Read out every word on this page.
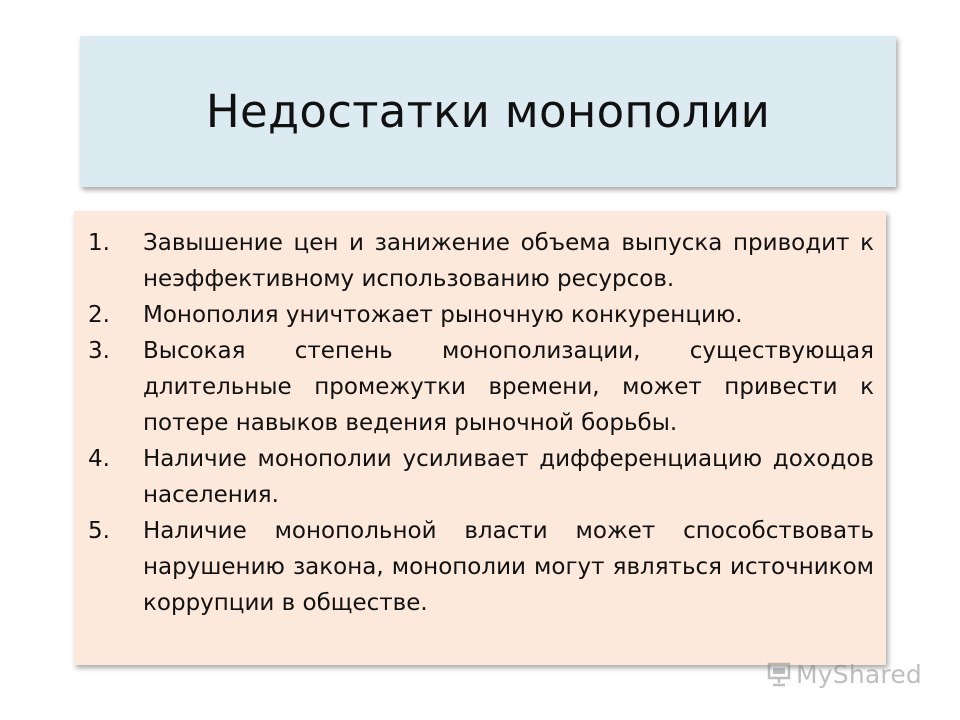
Недостатки монополии
1. Завышение цен и занижение объема выпуска приводит к неэффективному использованию ресурсов.
2. Монополия уничтожает рыночную конкуренцию.
3. Высокая степень монополизации, существующая длительные промежутки времени, может привести к потере навыков ведения рыночной борьбы.
4. Наличие монополии усиливает дифференциацию доходов населения.
5. Наличие монопольной власти может способствовать нарушению закона, монополии могут являться источником коррупции в обществе.
MyShared
